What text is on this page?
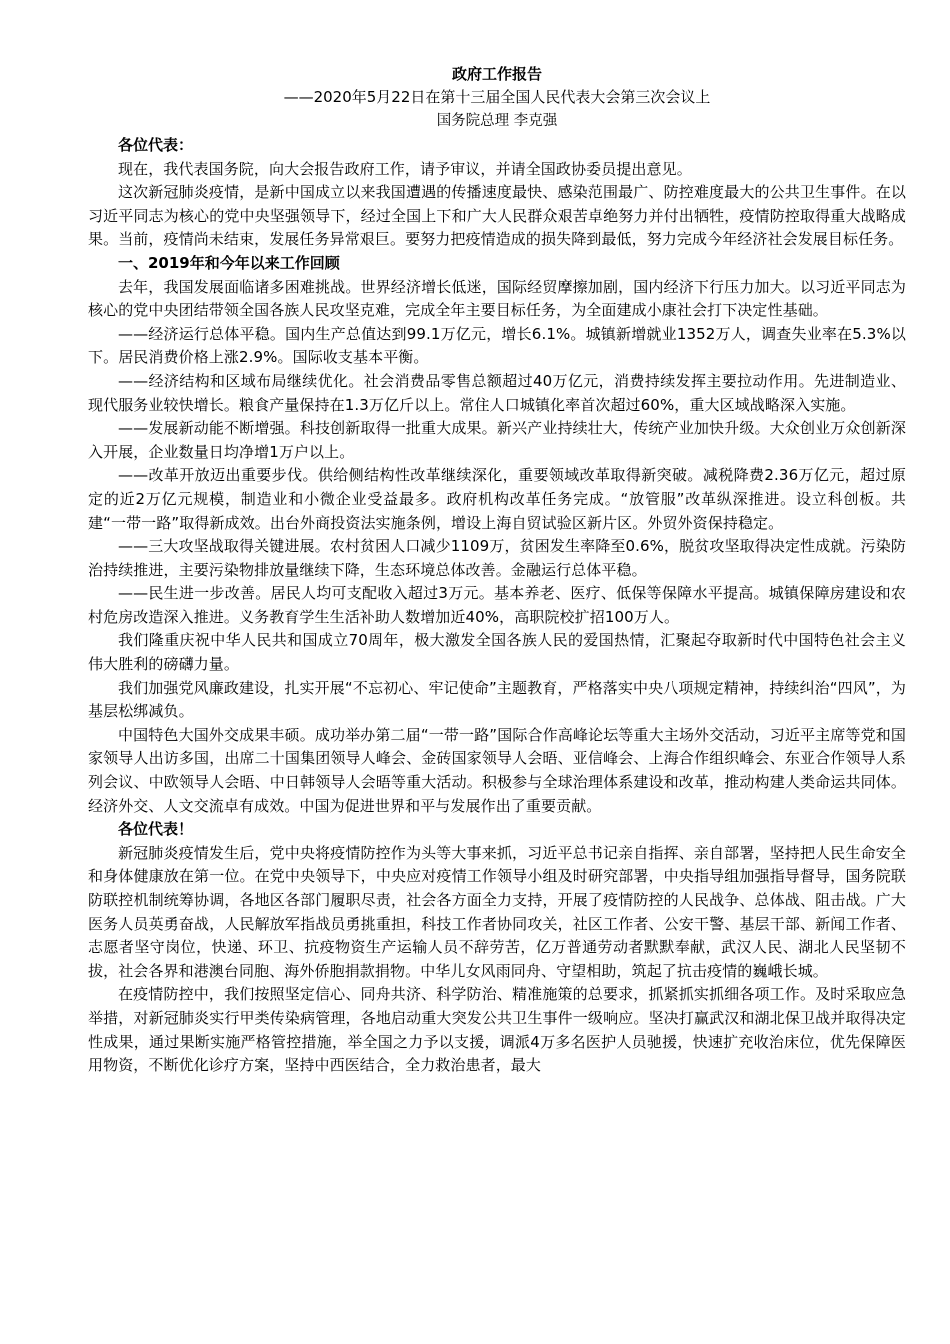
政府工作报告

——2020年5月22日在第十三届全国人民代表大会第三次会议上

国务院总理 李克强

各位代表：

现在，我代表国务院，向大会报告政府工作，请予审议，并请全国政协委员提出意见。

这次新冠肺炎疫情，是新中国成立以来我国遭遇的传播速度最快、感染范围最广、防控难度最大的公共卫生事件。在以习近平同志为核心的党中央坚强领导下，经过全国上下和广大人民群众艰苦卓绝努力并付出牺牲，疫情防控取得重大战略成果。当前，疫情尚未结束，发展任务异常艰巨。要努力把疫情造成的损失降到最低，努力完成今年经济社会发展目标任务。

一、2019年和今年以来工作回顾

去年，我国发展面临诸多困难挑战。世界经济增长低迷，国际经贸摩擦加剧，国内经济下行压力加大。以习近平同志为核心的党中央团结带领全国各族人民攻坚克难，完成全年主要目标任务，为全面建成小康社会打下决定性基础。

——经济运行总体平稳。国内生产总值达到99.1万亿元，增长6.1%。城镇新增就业1352万人，调查失业率在5.3%以下。居民消费价格上涨2.9%。国际收支基本平衡。

——经济结构和区域布局继续优化。社会消费品零售总额超过40万亿元，消费持续发挥主要拉动作用。先进制造业、现代服务业较快增长。粮食产量保持在1.3万亿斤以上。常住人口城镇化率首次超过60%，重大区域战略深入实施。

——发展新动能不断增强。科技创新取得一批重大成果。新兴产业持续壮大，传统产业加快升级。大众创业万众创新深入开展，企业数量日均净增1万户以上。

——改革开放迈出重要步伐。供给侧结构性改革继续深化，重要领域改革取得新突破。减税降费2.36万亿元，超过原定的近2万亿元规模，制造业和小微企业受益最多。政府机构改革任务完成。“放管服”改革纵深推进。设立科创板。共建“一带一路”取得新成效。出台外商投资法实施条例，增设上海自贸试验区新片区。外贸外资保持稳定。

——三大攻坚战取得关键进展。农村贫困人口减少1109万，贫困发生率降至0.6%，脱贫攻坚取得决定性成就。污染防治持续推进，主要污染物排放量继续下降，生态环境总体改善。金融运行总体平稳。

——民生进一步改善。居民人均可支配收入超过3万元。基本养老、医疗、低保等保障水平提高。城镇保障房建设和农村危房改造深入推进。义务教育学生生活补助人数增加近40%，高职院校扩招100万人。

我们隆重庆祝中华人民共和国成立70周年，极大激发全国各族人民的爱国热情，汇聚起夺取新时代中国特色社会主义伟大胜利的磅礴力量。

我们加强党风廉政建设，扎实开展“不忘初心、牢记使命”主题教育，严格落实中央八项规定精神，持续纠治“四风”，为基层松绑减负。

中国特色大国外交成果丰硕。成功举办第二届“一带一路”国际合作高峰论坛等重大主场外交活动，习近平主席等党和国家领导人出访多国，出席二十国集团领导人峰会、金砖国家领导人会晤、亚信峰会、上海合作组织峰会、东亚合作领导人系列会议、中欧领导人会晤、中日韩领导人会晤等重大活动。积极参与全球治理体系建设和改革，推动构建人类命运共同体。经济外交、人文交流卓有成效。中国为促进世界和平与发展作出了重要贡献。

各位代表！

新冠肺炎疫情发生后，党中央将疫情防控作为头等大事来抓，习近平总书记亲自指挥、亲自部署，坚持把人民生命安全和身体健康放在第一位。在党中央领导下，中央应对疫情工作领导小组及时研究部署，中央指导组加强指导督导，国务院联防联控机制统筹协调，各地区各部门履职尽责，社会各方面全力支持，开展了疫情防控的人民战争、总体战、阻击战。广大医务人员英勇奋战，人民解放军指战员勇挑重担，科技工作者协同攻关，社区工作者、公安干警、基层干部、新闻工作者、志愿者坚守岗位，快递、环卫、抗疫物资生产运输人员不辞劳苦，亿万普通劳动者默默奉献，武汉人民、湖北人民坚韧不拔，社会各界和港澳台同胞、海外侨胞捐款捐物。中华儿女风雨同舟、守望相助，筑起了抗击疫情的巍峨长城。

在疫情防控中，我们按照坚定信心、同舟共济、科学防治、精准施策的总要求，抓紧抓实抓细各项工作。及时采取应急举措，对新冠肺炎实行甲类传染病管理，各地启动重大突发公共卫生事件一级响应。坚决打赢武汉和湖北保卫战并取得决定性成果，通过果断实施严格管控措施，举全国之力予以支援，调派4万多名医护人员驰援，快速扩充收治床位，优先保障医用物资，不断优化诊疗方案，坚持中西医结合，全力救治患者，最大
